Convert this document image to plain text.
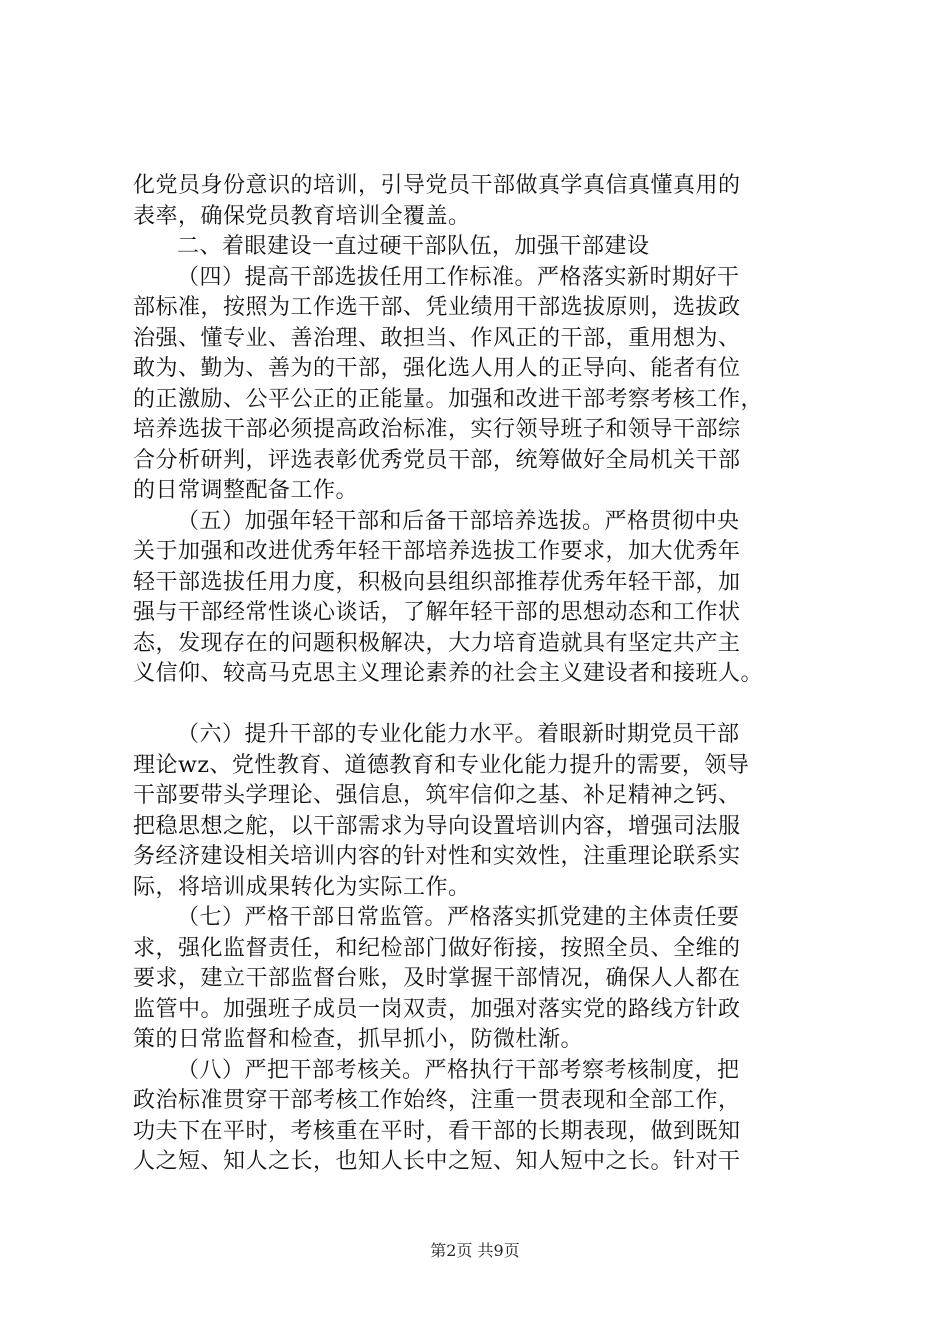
化党员身份意识的培训，引导党员干部做真学真信真懂真用的
表率，确保党员教育培训全覆盖。
二、着眼建设一直过硬干部队伍，加强干部建设
（四）提高干部选拔任用工作标准。严格落实新时期好干
部标准，按照为工作选干部、凭业绩用干部选拔原则，选拔政
治强、懂专业、善治理、敢担当、作风正的干部，重用想为、
敢为、勤为、善为的干部，强化选人用人的正导向、能者有位
的正激励、公平公正的正能量。加强和改进干部考察考核工作，
培养选拔干部必须提高政治标准，实行领导班子和领导干部综
合分析研判，评选表彰优秀党员干部，统筹做好全局机关干部
的日常调整配备工作。
（五）加强年轻干部和后备干部培养选拔。严格贯彻中央
关于加强和改进优秀年轻干部培养选拔工作要求，加大优秀年
轻干部选拔任用力度，积极向县组织部推荐优秀年轻干部，加
强与干部经常性谈心谈话，了解年轻干部的思想动态和工作状
态，发现存在的问题积极解决，大力培育造就具有坚定共产主
义信仰、较高马克思主义理论素养的社会主义建设者和接班人。
（六）提升干部的专业化能力水平。着眼新时期党员干部
理论wz、党性教育、道德教育和专业化能力提升的需要，领导
干部要带头学理论、强信息，筑牢信仰之基、补足精神之钙、
把稳思想之舵，以干部需求为导向设置培训内容，增强司法服
务经济建设相关培训内容的针对性和实效性，注重理论联系实
际，将培训成果转化为实际工作。
（七）严格干部日常监管。严格落实抓党建的主体责任要
求，强化监督责任，和纪检部门做好衔接，按照全员、全维的
要求，建立干部监督台账，及时掌握干部情况，确保人人都在
监管中。加强班子成员一岗双责，加强对落实党的路线方针政
策的日常监督和检查，抓早抓小，防微杜渐。
（八）严把干部考核关。严格执行干部考察考核制度，把
政治标准贯穿干部考核工作始终，注重一贯表现和全部工作，
功夫下在平时，考核重在平时，看干部的长期表现，做到既知
人之短、知人之长，也知人长中之短、知人短中之长。针对干
第2页 共9页
